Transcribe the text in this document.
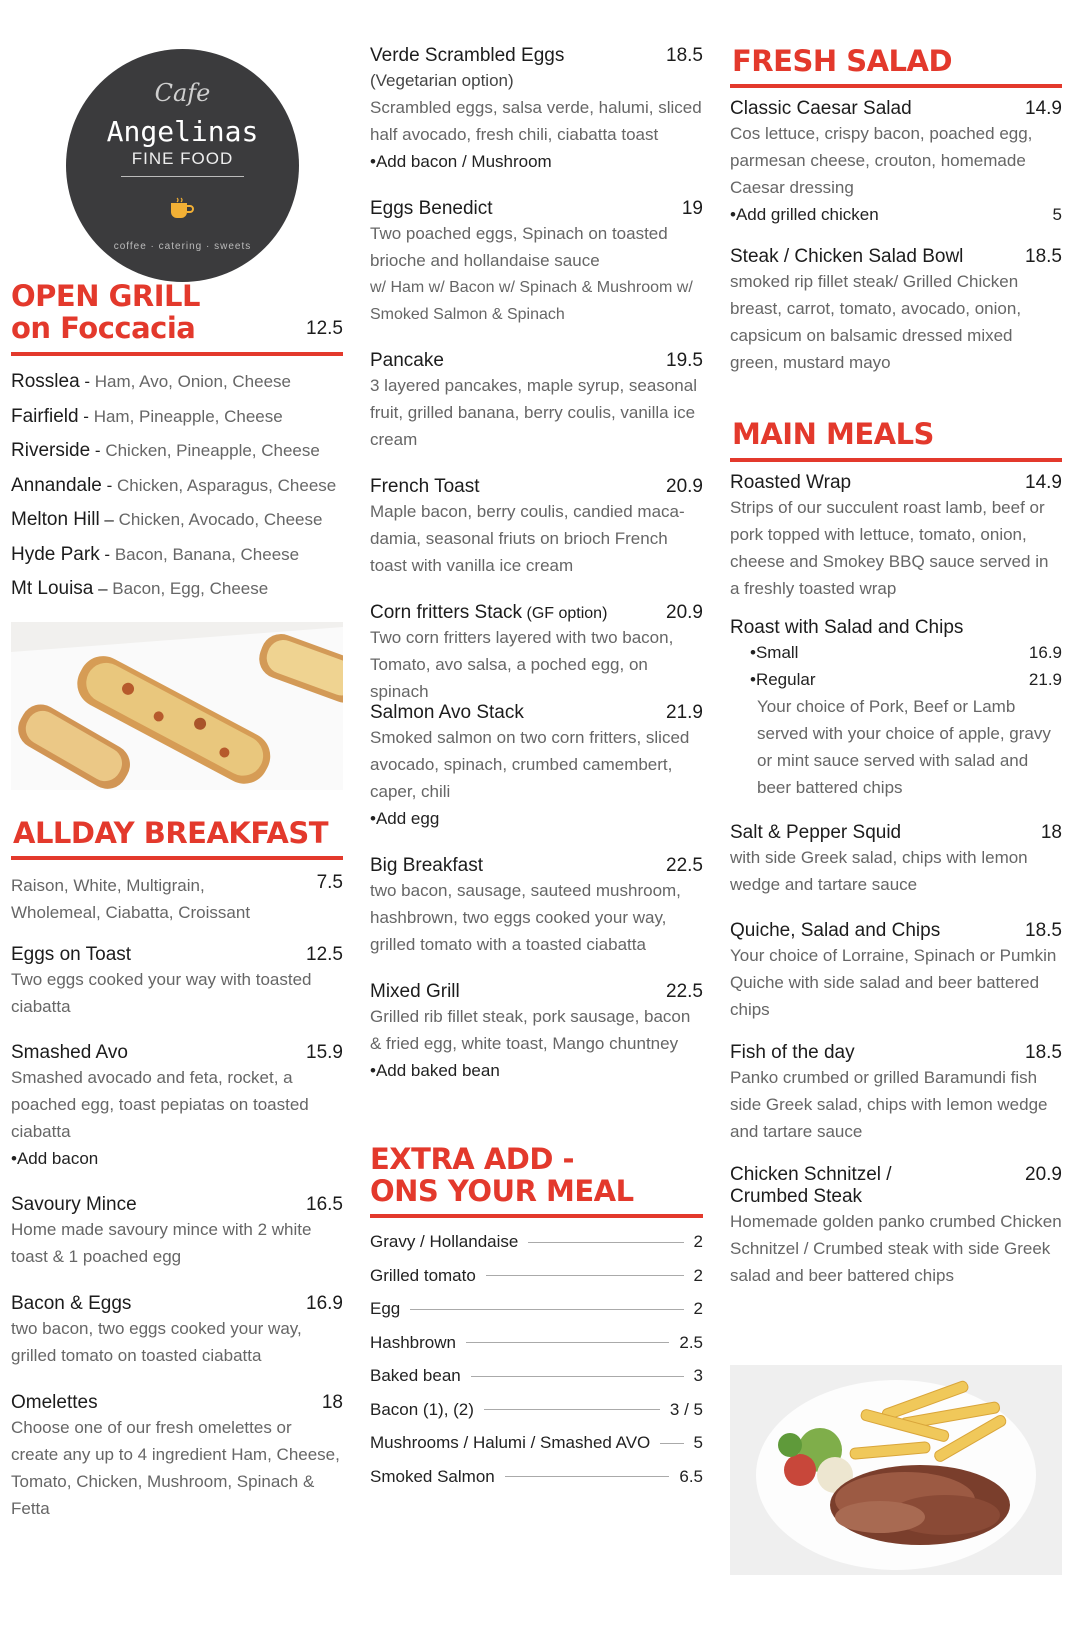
Cafe
Angelinas
FINE FOOD
coffee · catering · sweets
OPEN GRILL
on Foccacia	12.5
Rosslea - Ham, Avo, Onion, Cheese
Fairfield - Ham, Pineapple, Cheese
Riverside - Chicken, Pineapple, Cheese
Annandale - Chicken, Asparagus, Cheese
Melton Hill – Chicken, Avocado, Cheese
Hyde Park - Bacon, Banana, Cheese
Mt Louisa – Bacon, Egg, Cheese
ALLDAY BREAKFAST
Raison, White, Multigrain, Wholemeal, Ciabatta, Croissant
7.5
Eggs on Toast	12.5
Two eggs cooked your way with toasted ciabatta
Smashed Avo	15.9
Smashed avocado and feta, rocket, a poached egg, toast pepiatas on toasted ciabatta
•Add bacon
Savoury Mince	16.5
Home made savoury mince with 2 white toast & 1 poached egg
Bacon & Eggs	16.9
two bacon, two eggs cooked your way, grilled tomato on toasted ciabatta
Omelettes	18
Choose one of our fresh omelettes or create any up to 4 ingredient Ham, Cheese, Tomato, Chicken, Mushroom, Spinach & Fetta
Verde Scrambled Eggs	18.5
(Vegetarian option)
Scrambled eggs, salsa verde, halumi, sliced half avocado, fresh chili, ciabatta toast
•Add bacon / Mushroom
Eggs Benedict	19
Two poached eggs, Spinach on toasted brioche and hollandaise sauce
w/ Ham w/ Bacon w/ Spinach & Mushroom w/ Smoked Salmon & Spinach
Pancake	19.5
3 layered pancakes, maple syrup, seasonal fruit, grilled banana, berry coulis, vanilla ice cream
French Toast	20.9
Maple bacon, berry coulis, candied maca-damia, seasonal friuts on brioch French toast with vanilla ice cream
Corn fritters Stack (GF option)	20.9
Two corn fritters layered with two bacon, Tomato, avo salsa, a poched egg, on spinach
Salmon Avo Stack	21.9
Smoked salmon on two corn fritters, sliced avocado, spinach, crumbed camembert, caper, chili
•Add egg
Big Breakfast	22.5
two bacon, sausage, sauteed mushroom, hashbrown, two eggs cooked your way, grilled tomato with a toasted ciabatta
Mixed Grill	22.5
Grilled rib fillet steak, pork sausage, bacon & fried egg, white toast, Mango chuntney
•Add baked bean
EXTRA ADD -
ONS YOUR MEAL
Gravy / Hollandaise	2
Grilled tomato	2
Egg	2
Hashbrown	2.5
Baked bean	3
Bacon (1), (2)	3 / 5
Mushrooms / Halumi / Smashed AVO	5
Smoked Salmon	6.5
FRESH SALAD
Classic Caesar Salad	14.9
Cos lettuce, crispy bacon, poached egg, parmesan cheese, crouton, homemade Caesar dressing
•Add grilled chicken	5
Steak / Chicken Salad Bowl	18.5
smoked rip fillet steak/ Grilled Chicken breast, carrot, tomato, avocado, onion, capsicum on balsamic dressed mixed green, mustard mayo
MAIN MEALS
Roasted Wrap	14.9
Strips of our succulent roast lamb, beef or pork topped with lettuce, tomato, onion, cheese and Smokey BBQ sauce served in a freshly toasted wrap
Roast with Salad and Chips
•Small	16.9
•Regular	21.9
Your choice of Pork, Beef or Lamb served with your choice of apple, gravy or mint sauce served with salad and beer battered chips
Salt & Pepper Squid	18
with side Greek salad, chips with lemon wedge and tartare sauce
Quiche, Salad and Chips	18.5
Your choice of Lorraine, Spinach or Pumkin Quiche with side salad and beer battered chips
Fish of the day	18.5
Panko crumbed or grilled Baramundi fish side Greek salad, chips with lemon wedge and tartare sauce
Chicken Schnitzel /
Crumbed Steak
20.9
Homemade golden panko crumbed Chicken Schnitzel / Crumbed steak with side Greek salad and beer battered chips
